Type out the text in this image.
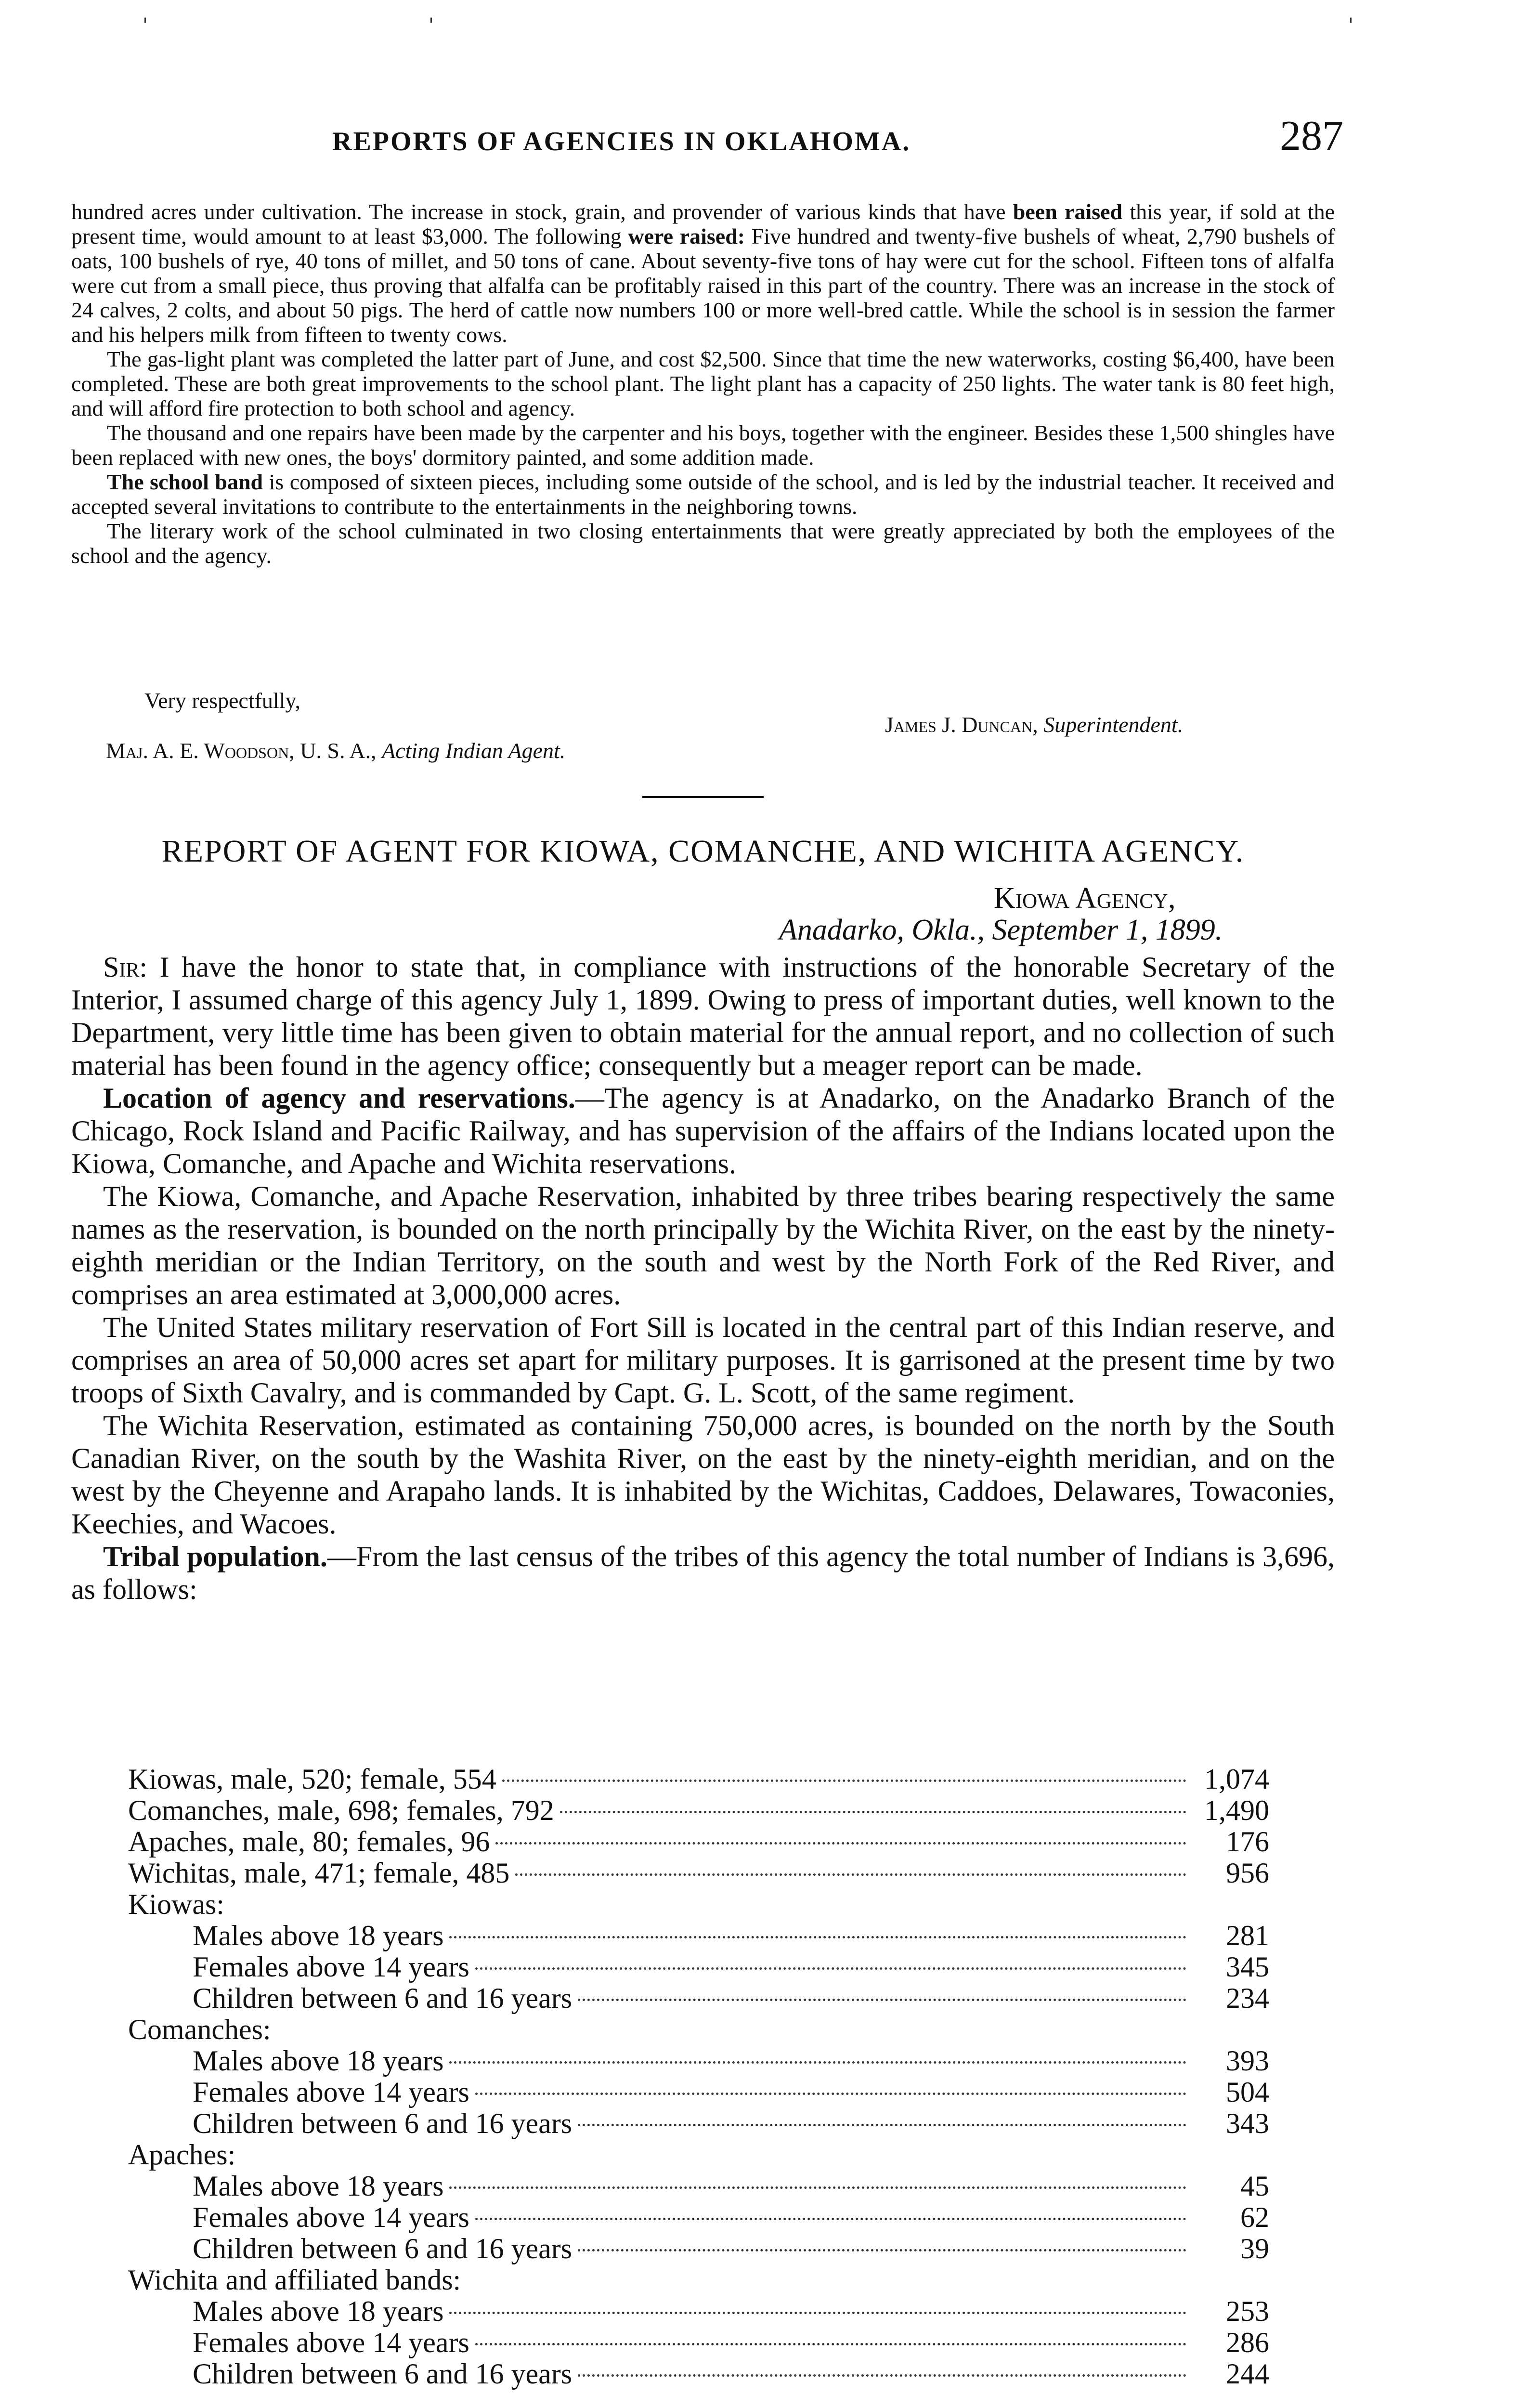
'	'	'
REPORTS OF AGENCIES IN OKLAHOMA.	287

hundred acres under cultivation. The increase in stock, grain, and provender of various kinds that have been raised this year, if sold at the present time, would amount to at least $3,000. The following were raised: Five hundred and twenty-five bushels of wheat, 2,790 bushels of oats, 100 bushels of rye, 40 tons of millet, and 50 tons of cane. About seventy-five tons of hay were cut for the school. Fifteen tons of alfalfa were cut from a small piece, thus proving that alfalfa can be profitably raised in this part of the country. There was an increase in the stock of 24 calves, 2 colts, and about 50 pigs. The herd of cattle now numbers 100 or more well-bred cattle. While the school is in session the farmer and his helpers milk from fifteen to twenty cows.

The gas-light plant was completed the latter part of June, and cost $2,500. Since that time the new waterworks, costing $6,400, have been completed. These are both great improvements to the school plant. The light plant has a capacity of 250 lights. The water tank is 80 feet high, and will afford fire protection to both school and agency.

The thousand and one repairs have been made by the carpenter and his boys, together with the engineer. Besides these 1,500 shingles have been replaced with new ones, the boys' dormitory painted, and some addition made.

The school band is composed of sixteen pieces, including some outside of the school, and is led by the industrial teacher. It received and accepted several invitations to contribute to the entertainments in the neighboring towns.

The literary work of the school culminated in two closing entertainments that were greatly appreciated by both the employees of the school and the agency.

Very respectfully,
James J. Duncan, Superintendent.
Maj. A. E. Woodson, U. S. A., Acting Indian Agent.
REPORT OF AGENT FOR KIOWA, COMANCHE, AND WICHITA AGENCY.
Kiowa Agency,
Anadarko, Okla., September 1, 1899.

Sir: I have the honor to state that, in compliance with instructions of the honorable Secretary of the Interior, I assumed charge of this agency July 1, 1899. Owing to press of important duties, well known to the Department, very little time has been given to obtain material for the annual report, and no collection of such material has been found in the agency office; consequently but a meager report can be made.

Location of agency and reservations.—The agency is at Anadarko, on the Anadarko Branch of the Chicago, Rock Island and Pacific Railway, and has supervision of the affairs of the Indians located upon the Kiowa, Comanche, and Apache and Wichita reservations.

The Kiowa, Comanche, and Apache Reservation, inhabited by three tribes bearing respectively the same names as the reservation, is bounded on the north principally by the Wichita River, on the east by the ninety-eighth meridian or the Indian Territory, on the south and west by the North Fork of the Red River, and comprises an area estimated at 3,000,000 acres.

The United States military reservation of Fort Sill is located in the central part of this Indian reserve, and comprises an area of 50,000 acres set apart for military purposes. It is garrisoned at the present time by two troops of Sixth Cavalry, and is commanded by Capt. G. L. Scott, of the same regiment.

The Wichita Reservation, estimated as containing 750,000 acres, is bounded on the north by the South Canadian River, on the south by the Washita River, on the east by the ninety-eighth meridian, and on the west by the Cheyenne and Arapaho lands. It is inhabited by the Wichitas, Caddoes, Delawares, Towaconies, Keechies, and Wacoes.

Tribal population.—From the last census of the tribes of this agency the total number of Indians is 3,696, as follows:

Kiowas, male, 520; female, 554	1,074
Comanches, male, 698; females, 792	1,490
Apaches, male, 80; females, 96	176
Wichitas, male, 471; female, 485	956
Kiowas:
Males above 18 years	281
Females above 14 years	345
Children between 6 and 16 years	234
Comanches:
Males above 18 years	393
Females above 14 years	504
Children between 6 and 16 years	343
Apaches:
Males above 18 years	45
Females above 14 years	62
Children between 6 and 16 years	39
Wichita and affiliated bands:
Males above 18 years	253
Females above 14 years	286
Children between 6 and 16 years	244
